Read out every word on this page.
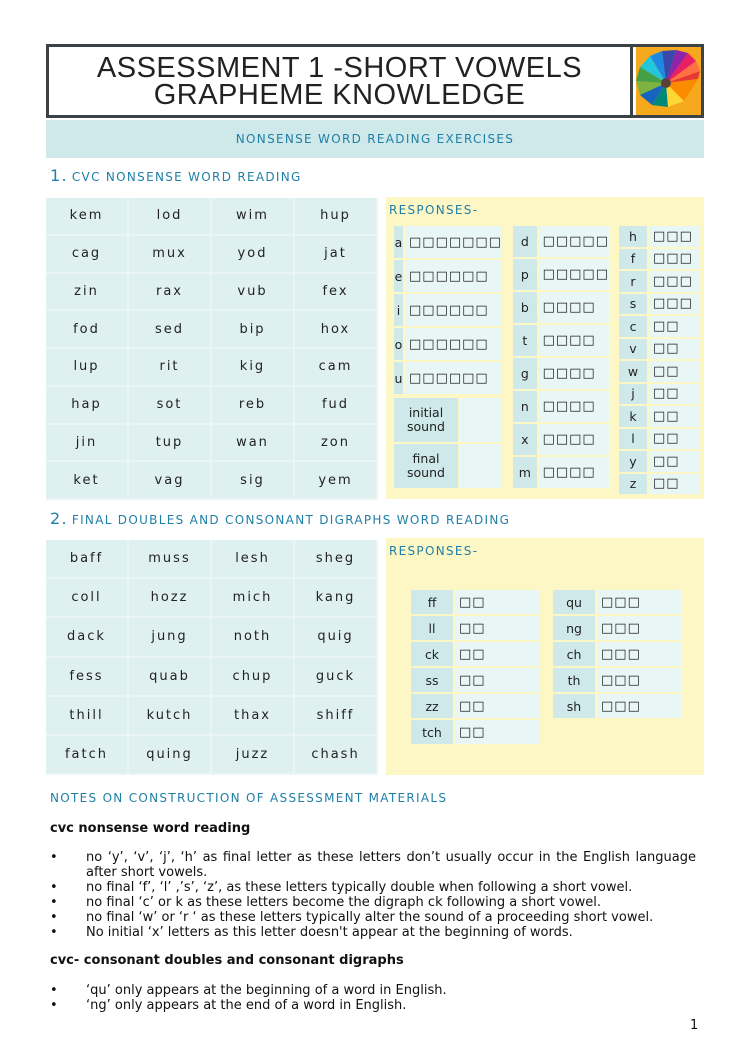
ASSESSMENT 1 -SHORT VOWELS
GRAPHEME KNOWLEDGE
NONSENSE WORD READING EXERCISES
1. CVC NONSENSE WORD READING
kem	lod	wim	hup
cag	mux	yod	jat
zin	rax	vub	fex
fod	sed	bip	hox
lup	rit	kig	cam
hap	sot	reb	fud
jin	tup	wan	zon
ket	vag	sig	yem
RESPONSES-
a	□□□□□□□
e	□□□□□□
i	□□□□□□
o	□□□□□□
u	□□□□□□
initial sound	
final sound	
d	□□□□□
p	□□□□□
b	□□□□
t	□□□□
g	□□□□
n	□□□□
x	□□□□
m	□□□□
h	□□□
f	□□□
r	□□□
s	□□□
c	□□
v	□□
w	□□
j	□□
k	□□
l	□□
y	□□
z	□□
2. FINAL DOUBLES AND CONSONANT DIGRAPHS WORD READING
baff	muss	lesh	sheg
coll	hozz	mich	kang
dack	jung	noth	quig
fess	quab	chup	guck
thill	kutch	thax	shiff
fatch	quing	juzz	chash
RESPONSES-
ff	□□
ll	□□
ck	□□
ss	□□
zz	□□
tch	□□
qu	□□□
ng	□□□
ch	□□□
th	□□□
sh	□□□
NOTES ON CONSTRUCTION OF ASSESSMENT MATERIALS
cvc nonsense word reading
• no ‘y’, ‘v’, ‘j’, ‘h’ as final letter as these letters don’t usually occur in the English language after short vowels.
• no final ‘f’, ‘l’ ,’s’, ‘z’, as these letters typically double when following a short vowel.
• no final ‘c’ or k as these letters become the digraph ck following a short vowel.
• no final ‘w’ or ‘r ‘ as these letters typically alter the sound of a proceeding short vowel.
• No initial ‘x’ letters as this letter doesn't appear at the beginning of words.
cvc- consonant doubles and consonant digraphs
• ‘qu’ only appears at the beginning of a word in English.
• ‘ng’ only appears at the end of a word in English.
1
